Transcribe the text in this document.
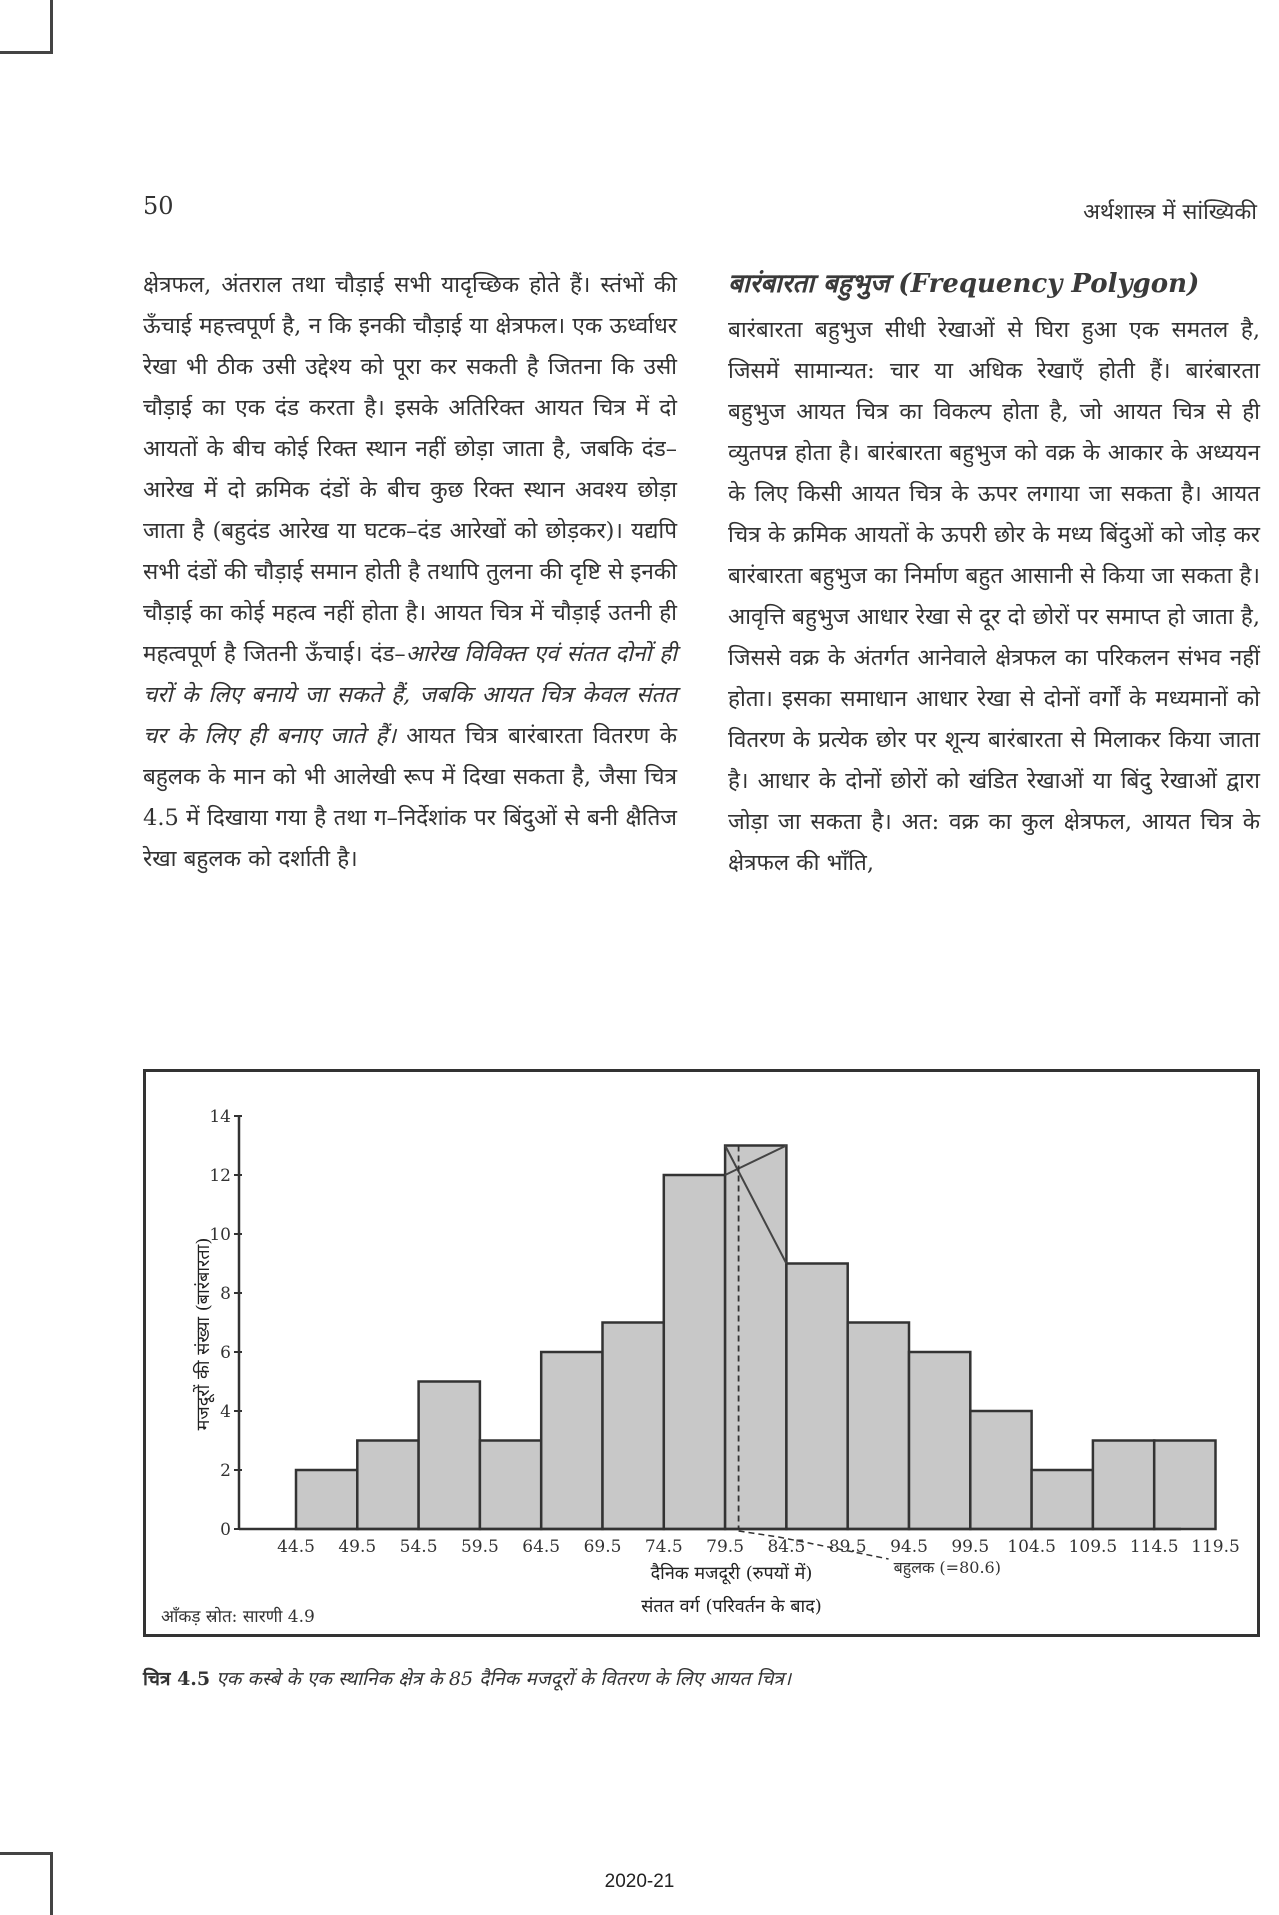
50	अर्थशास्त्र में सांख्यिकी

क्षेत्रफल, अंतराल तथा चौड़ाई सभी यादृच्छिक होते हैं। स्तंभों की ऊँचाई महत्त्वपूर्ण है, न कि इनकी चौड़ाई या क्षेत्रफल। एक ऊर्ध्वाधर रेखा भी ठीक उसी उद्देश्य को पूरा कर सकती है जितना कि उसी चौड़ाई का एक दंड करता है। इसके अतिरिक्त आयत चित्र में दो आयतों के बीच कोई रिक्त स्थान नहीं छोड़ा जाता है, जबकि दंड–आरेख में दो क्रमिक दंडों के बीच कुछ रिक्त स्थान अवश्य छोड़ा जाता है (बहुदंड आरेख या घटक–दंड आरेखों को छोड़कर)। यद्यपि सभी दंडों की चौड़ाई समान होती है तथापि तुलना की दृष्टि से इनकी चौड़ाई का कोई महत्व नहीं होता है। आयत चित्र में चौड़ाई उतनी ही महत्वपूर्ण है जितनी ऊँचाई। दंड–आरेख विविक्त एवं संतत दोनों ही चरों के लिए बनाये जा सकते हैं, जबकि आयत चित्र केवल संतत चर के लिए ही बनाए जाते हैं। आयत चित्र बारंबारता वितरण के बहुलक के मान को भी आलेखी रूप में दिखा सकता है, जैसा चित्र 4.5 में दिखाया गया है तथा ग–निर्देशांक पर बिंदुओं से बनी क्षैतिज रेखा बहुलक को दर्शाती है।

बारंबारता बहुभुज (Frequency Polygon)

बारंबारता बहुभुज सीधी रेखाओं से घिरा हुआ एक समतल है, जिसमें सामान्यत: चार या अधिक रेखाएँ होती हैं। बारंबारता बहुभुज आयत चित्र का विकल्प होता है, जो आयत चित्र से ही व्युतपन्न होता है। बारंबारता बहुभुज को वक्र के आकार के अध्ययन के लिए किसी आयत चित्र के ऊपर लगाया जा सकता है। आयत चित्र के क्रमिक आयतों के ऊपरी छोर के मध्य बिंदुओं को जोड़ कर बारंबारता बहुभुज का निर्माण बहुत आसानी से किया जा सकता है। आवृत्ति बहुभुज आधार रेखा से दूर दो छोरों पर समाप्त हो जाता है, जिससे वक्र के अंतर्गत आनेवाले क्षेत्रफल का परिकलन संभव नहीं होता। इसका समाधान आधार रेखा से दोनों वर्गों के मध्यमानों को वितरण के प्रत्येक छोर पर शून्य बारंबारता से मिलाकर किया जाता है। आधार के दोनों छोरों को खंडित रेखाओं या बिंदु रेखाओं द्वारा जोड़ा जा सकता है। अत: वक्र का कुल क्षेत्रफल, आयत चित्र के क्षेत्रफल की भाँति,

0
2
4
6
8
10
12
14
44.5 49.5 54.5 59.5 64.5 69.5 74.5 79.5 84.5 89.5 94.5 99.5 104.5 109.5 114.5 119.5
बहुलक (=80.6)
मजदूरों की संख्या (बारंबारता)
दैनिक मजदूरी (रुपयों में)
संतत वर्ग (परिवर्तन के बाद)
आँकड़ स्रोत: सारणी 4.9
चित्र 4.5 एक कस्बे के एक स्थानिक क्षेत्र के 85 दैनिक मजदूरों के वितरण के लिए आयत चित्र।
2020-21
